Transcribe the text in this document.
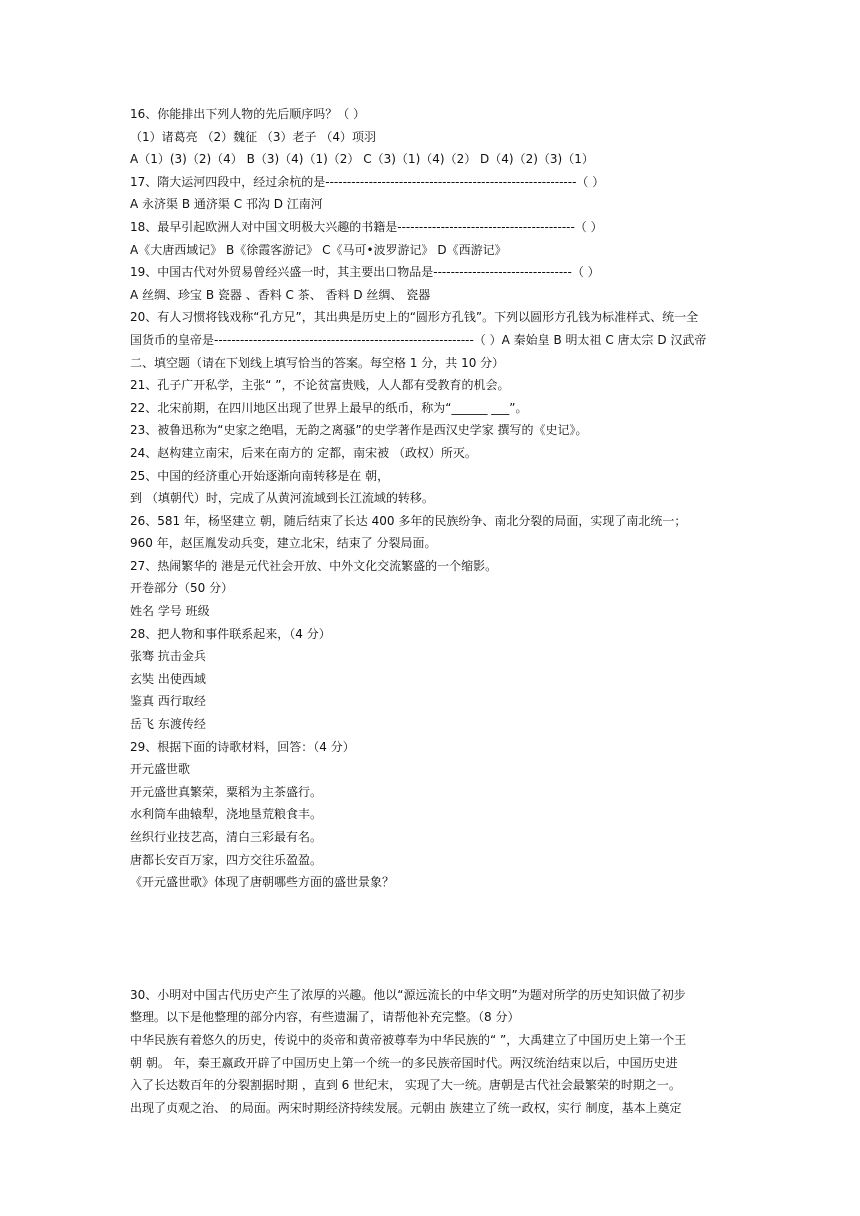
16、你能排出下列人物的先后顺序吗？（ ）
（1）诸葛亮 （2）魏征 （3）老子 （4）项羽
A（1）(3)（2)（4） B（3)（4)（1)（2） C（3)（1)（4)（2） D（4)（2)（3)（1）
17、隋大运河四段中，经过余杭的是----------------------------------------------------------（ ）
A 永济渠 B 通济渠 C 邗沟 D 江南河
18、最早引起欧洲人对中国文明极大兴趣的书籍是-----------------------------------------（ ）
A《大唐西域记》 B《徐霞客游记》 C《马可•波罗游记》 D《西游记》
19、中国古代对外贸易曾经兴盛一时，其主要出口物品是--------------------------------（ ）
A 丝绸、珍宝 B 瓷器 、香料 C 茶、 香料 D 丝绸、 瓷器
20、有人习惯将钱戏称“孔方兄”，其出典是历史上的“圆形方孔钱”。下列以圆形方孔钱为标准样式、统一全
国货币的皇帝是------------------------------------------------------------（ ）A 秦始皇 B 明太祖 C 唐太宗 D 汉武帝
二、填空题（请在下划线上填写恰当的答案。每空格 1 分，共 10 分）
21、孔子广开私学，主张“ ”，不论贫富贵贱，人人都有受教育的机会。
22、北宋前期，在四川地区出现了世界上最早的纸币，称为“______ ___”。
23、被鲁迅称为“史家之绝唱，无韵之离骚”的史学著作是西汉史学家 撰写的《史记》。
24、赵构建立南宋，后来在南方的 定都，南宋被 （政权）所灭。
25、中国的经济重心开始逐渐向南转移是在 朝，
到 （填朝代）时，完成了从黄河流域到长江流域的转移。
26、581 年，杨坚建立 朝，随后结束了长达 400 多年的民族纷争、南北分裂的局面，实现了南北统一；
960 年，赵匡胤发动兵变，建立北宋，结束了 分裂局面。
27、热闹繁华的 港是元代社会开放、中外文化交流繁盛的一个缩影。
开卷部分（50 分）
姓名 学号 班级
28、把人物和事件联系起来，（4 分）
张骞 抗击金兵
玄奘 出使西域
鉴真 西行取经
岳飞 东渡传经
29、根据下面的诗歌材料，回答：（4 分）
开元盛世歌
开元盛世真繁荣，粟稻为主茶盛行。
水利筒车曲辕犁，浇地垦荒粮食丰。
丝织行业技艺高，清白三彩最有名。
唐都长安百万家，四方交往乐盈盈。
《开元盛世歌》体现了唐朝哪些方面的盛世景象？
30、小明对中国古代历史产生了浓厚的兴趣。他以“源远流长的中华文明”为题对所学的历史知识做了初步
整理。以下是他整理的部分内容，有些遗漏了，请帮他补充完整。（8 分）
中华民族有着悠久的历史，传说中的炎帝和黄帝被尊奉为中华民族的“ ”，大禹建立了中国历史上第一个王
朝 朝。 年，秦王嬴政开辟了中国历史上第一个统一的多民族帝国时代。两汉统治结束以后，中国历史进
入了长达数百年的分裂割据时期 ，直到 6 世纪末， 实现了大一统。唐朝是古代社会最繁荣的时期之一。
出现了贞观之治、 的局面。两宋时期经济持续发展。元朝由 族建立了统一政权，实行 制度，基本上奠定
